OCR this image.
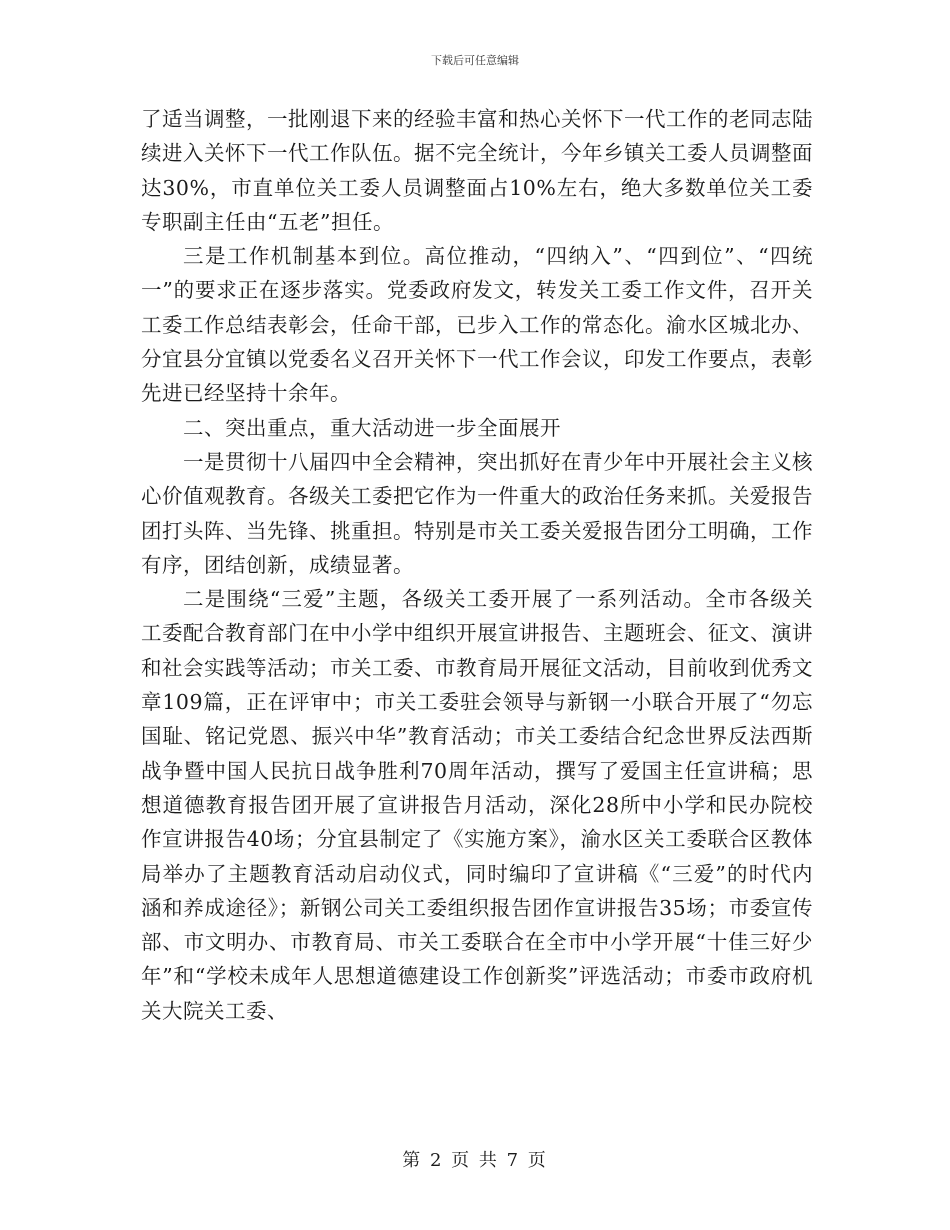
下载后可任意编辑

了适当调整，一批刚退下来的经验丰富和热心关怀下一代工作的老同志陆续进入关怀下一代工作队伍。据不完全统计，今年乡镇关工委人员调整面达30%，市直单位关工委人员调整面占10%左右，绝大多数单位关工委专职副主任由“五老”担任。

三是工作机制基本到位。高位推动，“四纳入”、“四到位”、“四统一”的要求正在逐步落实。党委政府发文，转发关工委工作文件，召开关工委工作总结表彰会，任命干部，已步入工作的常态化。渝水区城北办、分宜县分宜镇以党委名义召开关怀下一代工作会议，印发工作要点，表彰先进已经坚持十余年。

二、突出重点，重大活动进一步全面展开

一是贯彻十八届四中全会精神，突出抓好在青少年中开展社会主义核心价值观教育。各级关工委把它作为一件重大的政治任务来抓。关爱报告团打头阵、当先锋、挑重担。特别是市关工委关爱报告团分工明确，工作有序，团结创新，成绩显著。

二是围绕“三爱”主题，各级关工委开展了一系列活动。全市各级关工委配合教育部门在中小学中组织开展宣讲报告、主题班会、征文、演讲和社会实践等活动；市关工委、市教育局开展征文活动，目前收到优秀文章109篇，正在评审中；市关工委驻会领导与新钢一小联合开展了“勿忘国耻、铭记党恩、振兴中华”教育活动；市关工委结合纪念世界反法西斯战争暨中国人民抗日战争胜利70周年活动，撰写了爱国主任宣讲稿；思想道德教育报告团开展了宣讲报告月活动，深化28所中小学和民办院校作宣讲报告40场；分宜县制定了《实施方案》，渝水区关工委联合区教体局举办了主题教育活动启动仪式，同时编印了宣讲稿《“三爱”的时代内涵和养成途径》；新钢公司关工委组织报告团作宣讲报告35场；市委宣传部、市文明办、市教育局、市关工委联合在全市中小学开展“十佳三好少年”和“学校未成年人思想道德建设工作创新奖”评选活动；市委市政府机关大院关工委、

第 2 页 共 7 页
